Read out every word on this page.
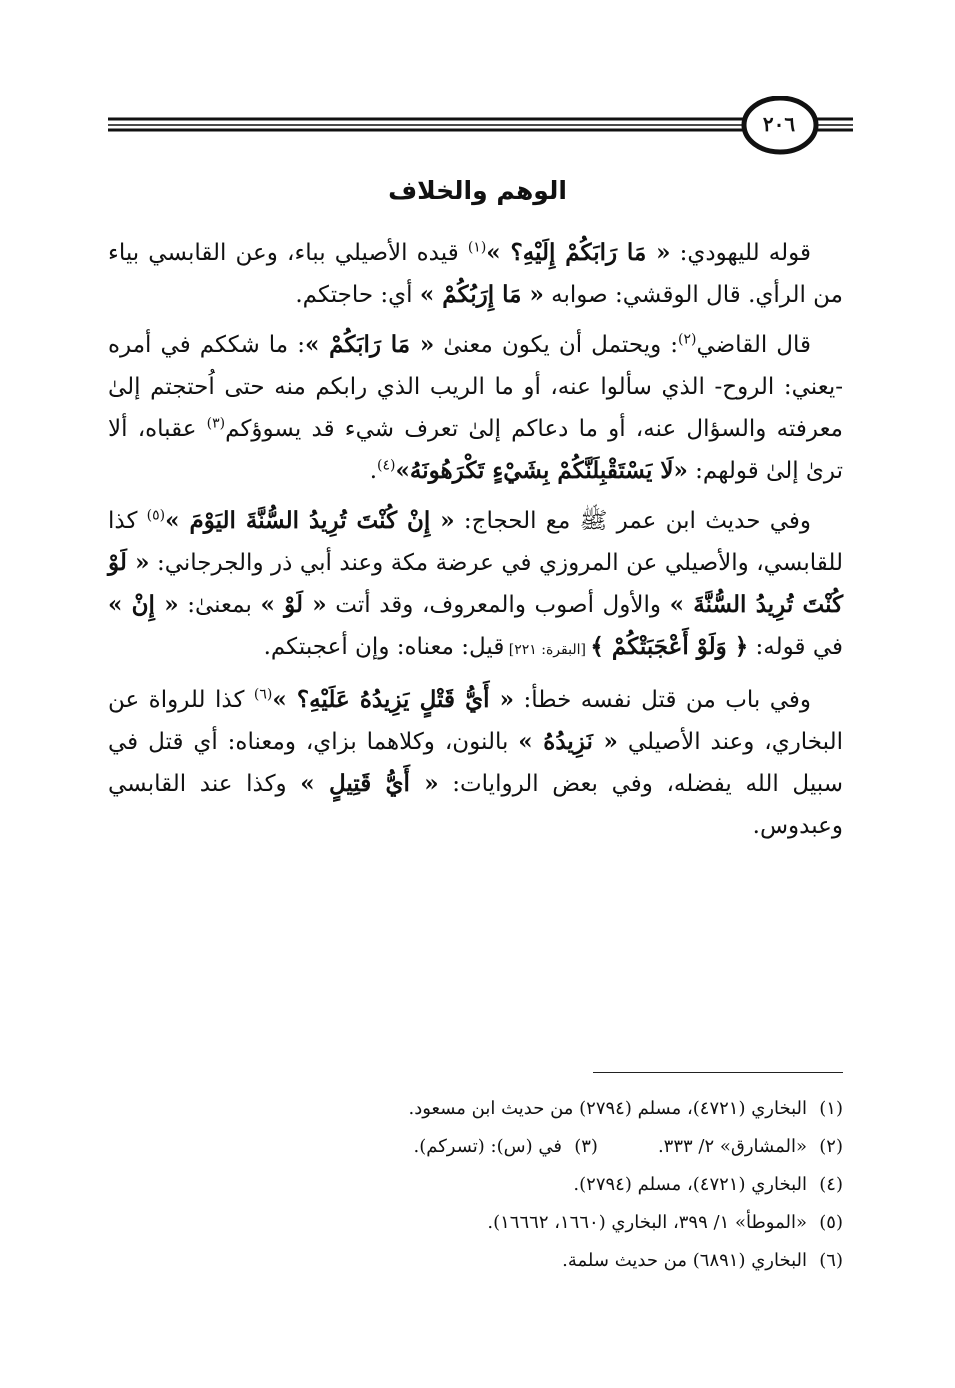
٢٠٦
الوهم والخلاف

قوله لليهودي: « مَا رَابَكُمْ إِلَيْهِ؟ »$^{(١)}$ قيده الأصيلي بباء، وعن القابسي بياء من الرأي. قال الوقشي: صوابه « مَا إِرَبُكُمْ » أي: حاجتكم.

قال القاضي$^{(٢)}$: ويحتمل أن يكون معنىٰ « مَا رَابَكُمْ »: ما شككم في أمره -يعني: الروح- الذي سألوا عنه، أو ما الريب الذي رابكم منه حتى اُحتجتم إلىٰ معرفته والسؤال عنه، أو ما دعاكم إلىٰ تعرف شيء قد يسوؤكم$^{(٣)}$ عقباه، ألا ترىٰ إلىٰ قولهم: «لَا يَسْتَقْبِلَنَّكُمْ بِشَيْءٍ تَكْرَهُونَهُ»$^{(٤)}$.

وفي حديث ابن عمر ﷺ مع الحجاج: « إِنْ كُنْتَ تُرِيدُ السُّنَّةَ اليَوْمَ »$^{(٥)}$ كذا للقابسي، والأصيلي عن المروزي في عرضة مكة وعند أبي ذر والجرجاني: « لَوْ كُنْتَ تُرِيدُ السُّنَّةَ » والأول أصوب والمعروف، وقد أتت « لَوْ » بمعنىٰ: « إِنْ » في قوله: ﴿ وَلَوْ أَعْجَبَتْكُمْ ﴾ [البقرة: ٢٢١] قيل: معناه: وإن أعجبتكم.

وفي باب من قتل نفسه خطأ: « أَيُّ قَتْلٍ يَزِيدُهُ عَلَيْهِ؟ »$^{(٦)}$ كذا للرواة عن البخاري، وعند الأصيلي « نَزِيدُهُ » بالنون، وكلاهما بزاي، ومعناه: أي قتل في سبيل الله يفضله، وفي بعض الروايات: « أَيُّ قَتِيلٍ » وكذا عند القابسي وعبدوس.

(١)البخاري (٤٧٢١)، مسلم (٢٧٩٤) من حديث ابن مسعود.
(٢)«المشارق» ٢/ ٣٣٣.(٣)في (س): (تسركم).
(٤)البخاري (٤٧٢١)، مسلم (٢٧٩٤).
(٥)«الموطأ» ١/ ٣٩٩، البخاري (١٦٦٠، ١٦٦٦٢).
(٦)البخاري (٦٨٩١) من حديث سلمة.
